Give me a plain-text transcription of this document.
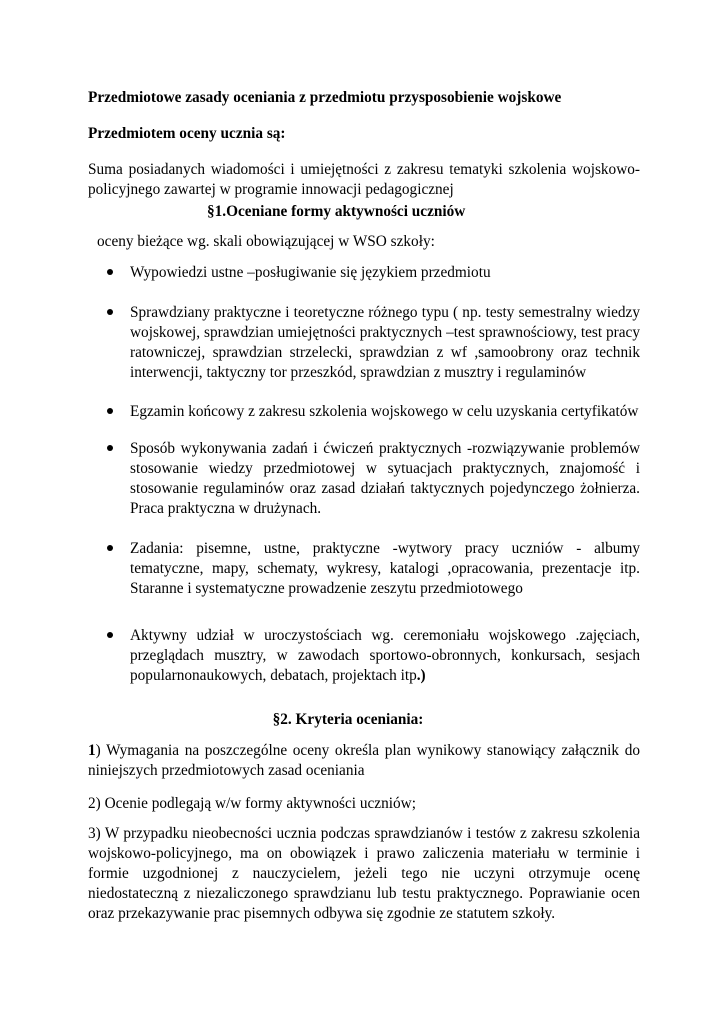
Przedmiotowe zasady oceniania z przedmiotu przysposobienie wojskowe

Przedmiotem oceny ucznia są:

Suma posiadanych wiadomości i umiejętności z zakresu tematyki szkolenia wojskowo-policyjnego zawartej w programie innowacji pedagogicznej

§1.Oceniane formy aktywności uczniów

oceny bieżące wg. skali obowiązującej w WSO szkoły:

Wypowiedzi ustne –posługiwanie się językiem przedmiotu

Sprawdziany praktyczne i teoretyczne różnego typu ( np. testy semestralny wiedzy wojskowej, sprawdzian umiejętności praktycznych –test sprawnościowy, test pracy ratowniczej, sprawdzian strzelecki, sprawdzian z wf ,samoobrony oraz technik interwencji, taktyczny tor przeszkód, sprawdzian z musztry i regulaminów

Egzamin końcowy z zakresu szkolenia wojskowego w celu uzyskania certyfikatów

Sposób wykonywania zadań i ćwiczeń praktycznych -rozwiązywanie problemów stosowanie wiedzy przedmiotowej w sytuacjach praktycznych, znajomość i stosowanie regulaminów oraz zasad działań taktycznych pojedynczego żołnierza. Praca praktyczna w drużynach.

Zadania: pisemne, ustne, praktyczne -wytwory pracy uczniów - albumy tematyczne, mapy, schematy, wykresy, katalogi ,opracowania, prezentacje itp. Staranne i systematyczne prowadzenie zeszytu przedmiotowego

Aktywny udział w uroczystościach wg. ceremoniału wojskowego .zajęciach, przeglądach musztry, w zawodach sportowo-obronnych, konkursach, sesjach popularnonaukowych, debatach, projektach itp.)

§2. Kryteria oceniania:

1) Wymagania na poszczególne oceny określa plan wynikowy stanowiący załącznik do niniejszych przedmiotowych zasad oceniania

2) Ocenie podlegają w/w formy aktywności uczniów;

3) W przypadku nieobecności ucznia podczas sprawdzianów i testów z zakresu szkolenia wojskowo-policyjnego, ma on obowiązek i prawo zaliczenia materiału w terminie i formie uzgodnionej z nauczycielem, jeżeli tego nie uczyni otrzymuje ocenę niedostateczną z niezaliczonego sprawdzianu lub testu praktycznego. Poprawianie ocen oraz przekazywanie prac pisemnych odbywa się zgodnie ze statutem szkoły.
